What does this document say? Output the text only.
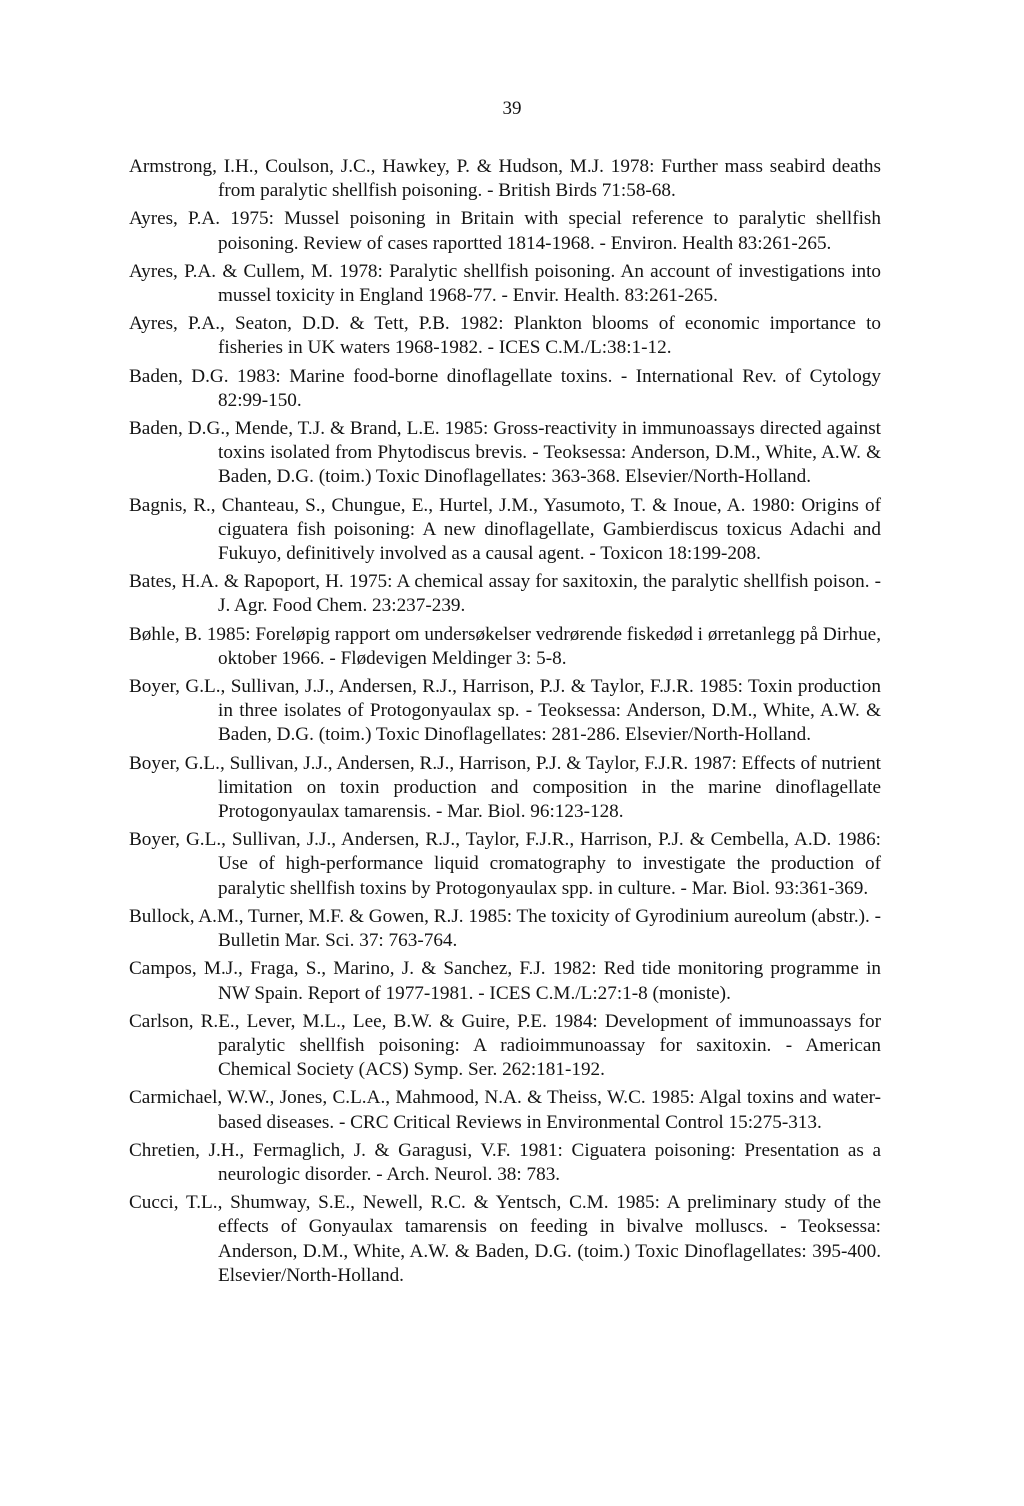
39
Armstrong, I.H., Coulson, J.C., Hawkey, P. & Hudson, M.J. 1978: Further mass seabird deaths from paralytic shellfish poisoning. - British Birds 71:58-68.
Ayres, P.A. 1975: Mussel poisoning in Britain with special reference to paralytic shellfish poisoning. Review of cases raportted 1814-1968. - Environ. Health 83:261-265.
Ayres, P.A. & Cullem, M. 1978: Paralytic shellfish poisoning. An account of investigations into mussel toxicity in England 1968-77. - Envir. Health. 83:261-265.
Ayres, P.A., Seaton, D.D. & Tett, P.B. 1982: Plankton blooms of economic importance to fisheries in UK waters 1968-1982. - ICES C.M./L:38:1-12.
Baden, D.G. 1983: Marine food-borne dinoflagellate toxins. - International Rev. of Cytology 82:99-150.
Baden, D.G., Mende, T.J. & Brand, L.E. 1985: Gross-reactivity in immunoassays directed against toxins isolated from Phytodiscus brevis. - Teoksessa: Anderson, D.M., White, A.W. & Baden, D.G. (toim.) Toxic Dinoflagellates: 363-368. Elsevier/North-Holland.
Bagnis, R., Chanteau, S., Chungue, E., Hurtel, J.M., Yasumoto, T. & Inoue, A. 1980: Origins of ciguatera fish poisoning: A new dinoflagellate, Gambierdiscus toxicus Adachi and Fukuyo, definitively involved as a causal agent. - Toxicon 18:199-208.
Bates, H.A. & Rapoport, H. 1975: A chemical assay for saxitoxin, the paralytic shellfish poison. - J. Agr. Food Chem. 23:237-239.
Bøhle, B. 1985: Foreløpig rapport om undersøkelser vedrørende fiskedød i ørretanlegg på Dirhue, oktober 1966. - Flødevigen Meldinger 3: 5-8.
Boyer, G.L., Sullivan, J.J., Andersen, R.J., Harrison, P.J. & Taylor, F.J.R. 1985: Toxin production in three isolates of Protogonyaulax sp. - Teoksessa: Anderson, D.M., White, A.W. & Baden, D.G. (toim.) Toxic Dinoflagellates: 281-286. Elsevier/North-Holland.
Boyer, G.L., Sullivan, J.J., Andersen, R.J., Harrison, P.J. & Taylor, F.J.R. 1987: Effects of nutrient limitation on toxin production and composition in the marine dinoflagellate Protogonyaulax tamarensis. - Mar. Biol. 96:123-128.
Boyer, G.L., Sullivan, J.J., Andersen, R.J., Taylor, F.J.R., Harrison, P.J. & Cembella, A.D. 1986: Use of high-performance liquid cromatography to investigate the production of paralytic shellfish toxins by Protogonyaulax spp. in culture. - Mar. Biol. 93:361-369.
Bullock, A.M., Turner, M.F. & Gowen, R.J. 1985: The toxicity of Gyrodinium aureolum (abstr.). - Bulletin Mar. Sci. 37: 763-764.
Campos, M.J., Fraga, S., Marino, J. & Sanchez, F.J. 1982: Red tide monitoring programme in NW Spain. Report of 1977-1981. - ICES C.M./L:27:1-8 (moniste).
Carlson, R.E., Lever, M.L., Lee, B.W. & Guire, P.E. 1984: Development of immunoassays for paralytic shellfish poisoning: A radioimmunoassay for saxitoxin. - American Chemical Society (ACS) Symp. Ser. 262:181-192.
Carmichael, W.W., Jones, C.L.A., Mahmood, N.A. & Theiss, W.C. 1985: Algal toxins and water-based diseases. - CRC Critical Reviews in Environmental Control 15:275-313.
Chretien, J.H., Fermaglich, J. & Garagusi, V.F. 1981: Ciguatera poisoning: Presentation as a neurologic disorder. - Arch. Neurol. 38: 783.
Cucci, T.L., Shumway, S.E., Newell, R.C. & Yentsch, C.M. 1985: A preliminary study of the effects of Gonyaulax tamarensis on feeding in bivalve molluscs. - Teoksessa: Anderson, D.M., White, A.W. & Baden, D.G. (toim.) Toxic Dinoflagellates: 395-400. Elsevier/North-Holland.
